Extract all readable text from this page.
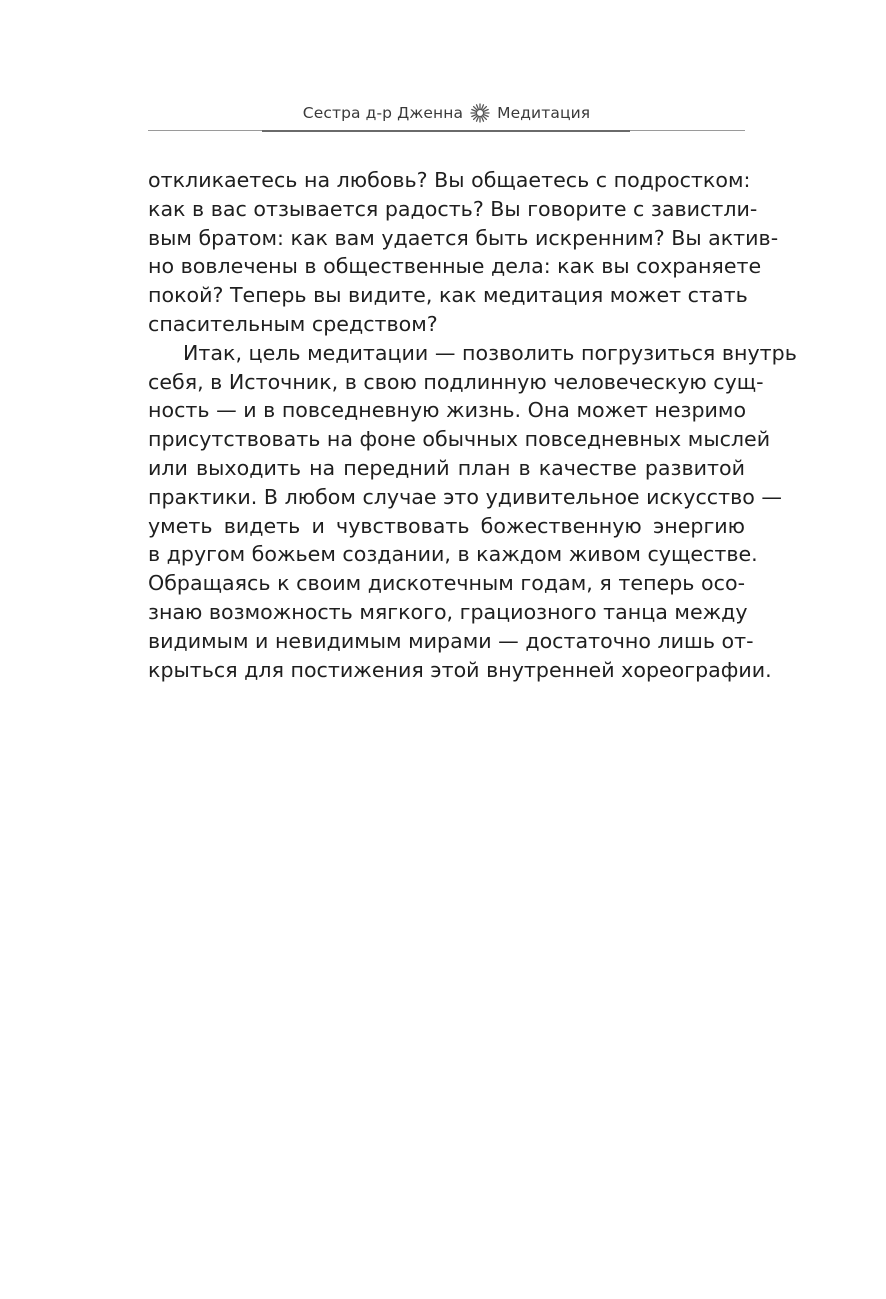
Сестра д-р Дженна Медитация
откликаетесь на любовь? Вы общаетесь с подростком:
как в вас отзывается радость? Вы говорите с завистли-
вым братом: как вам удается быть искренним? Вы актив-
но вовлечены в общественные дела: как вы сохраняете
покой? Теперь вы видите, как медитация может стать
спасительным средством?
Итак, цель медитации — позволить погрузиться внутрь
себя, в Источник, в свою подлинную человеческую сущ-
ность — и в повседневную жизнь. Она может незримо
присутствовать на фоне обычных повседневных мыслей
или выходить на передний план в качестве развитой
практики. В любом случае это удивительное искусство —
уметь видеть и чувствовать божественную энергию
в другом божьем создании, в каждом живом существе.
Обращаясь к своим дискотечным годам, я теперь осо-
знаю возможность мягкого, грациозного танца между
видимым и невидимым мирами — достаточно лишь от-
крыться для постижения этой внутренней хореографии.
